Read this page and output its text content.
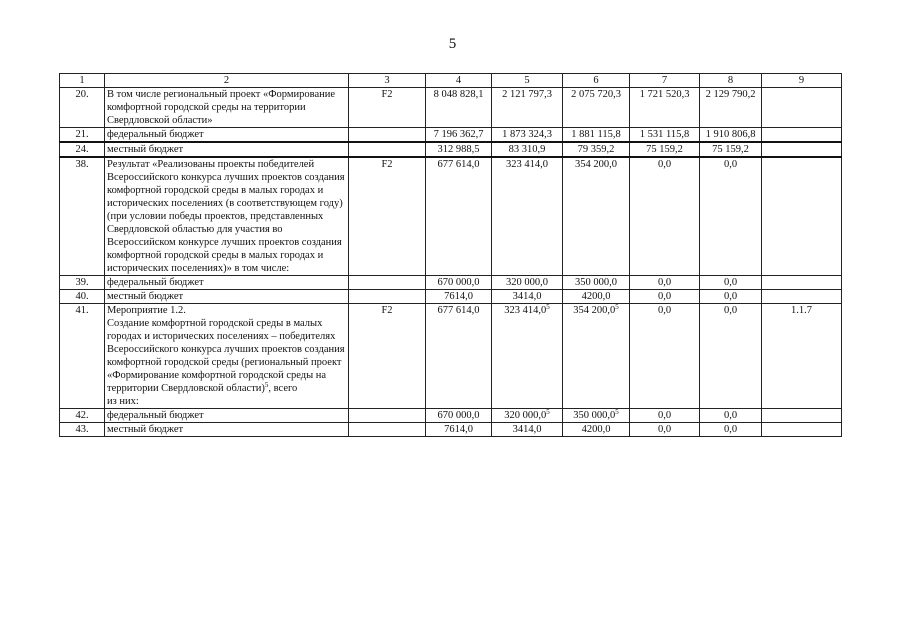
5
1	2	3	4	5	6	7	8	9
20.	В том числе региональный проект «Формирование комфортной городской среды на территории Свердловской области»	F2	8 048 828,1	2 121 797,3	2 075 720,3	1 721 520,3	2 129 790,2	
21.	федеральный бюджет		7 196 362,7	1 873 324,3	1 881 115,8	1 531 115,8	1 910 806,8	
24.	местный бюджет		312 988,5	83 310,9	79 359,2	75 159,2	75 159,2	
38.	Результат «Реализованы проекты победителей Всероссийского конкурса лучших проектов создания комфортной городской среды в малых городах и исторических поселениях (в соответствующем году) (при условии победы проектов, представленных Свердловской областью для участия во Всероссийском конкурсе лучших проектов создания комфортной городской среды в малых городах и исторических поселениях)» в том числе:	F2	677 614,0	323 414,0	354 200,0	0,0	0,0	
39.	федеральный бюджет		670 000,0	320 000,0	350 000,0	0,0	0,0	
40.	местный бюджет		7614,0	3414,0	4200,0	0,0	0,0	
41.	Мероприятие 1.2.
Создание комфортной городской среды в малых городах и исторических поселениях – победителях Всероссийского конкурса лучших проектов создания комфортной городской среды (региональный проект «Формирование комфортной городской среды на территории Свердловской области)$^5$, всего
из них:	F2	677 614,0	323 414,0$^5$	354 200,0$^5$	0,0	0,0	1.1.7
42.	федеральный бюджет		670 000,0	320 000,0$^5$	350 000,0$^5$	0,0	0,0	
43.	местный бюджет		7614,0	3414,0	4200,0	0,0	0,0	
